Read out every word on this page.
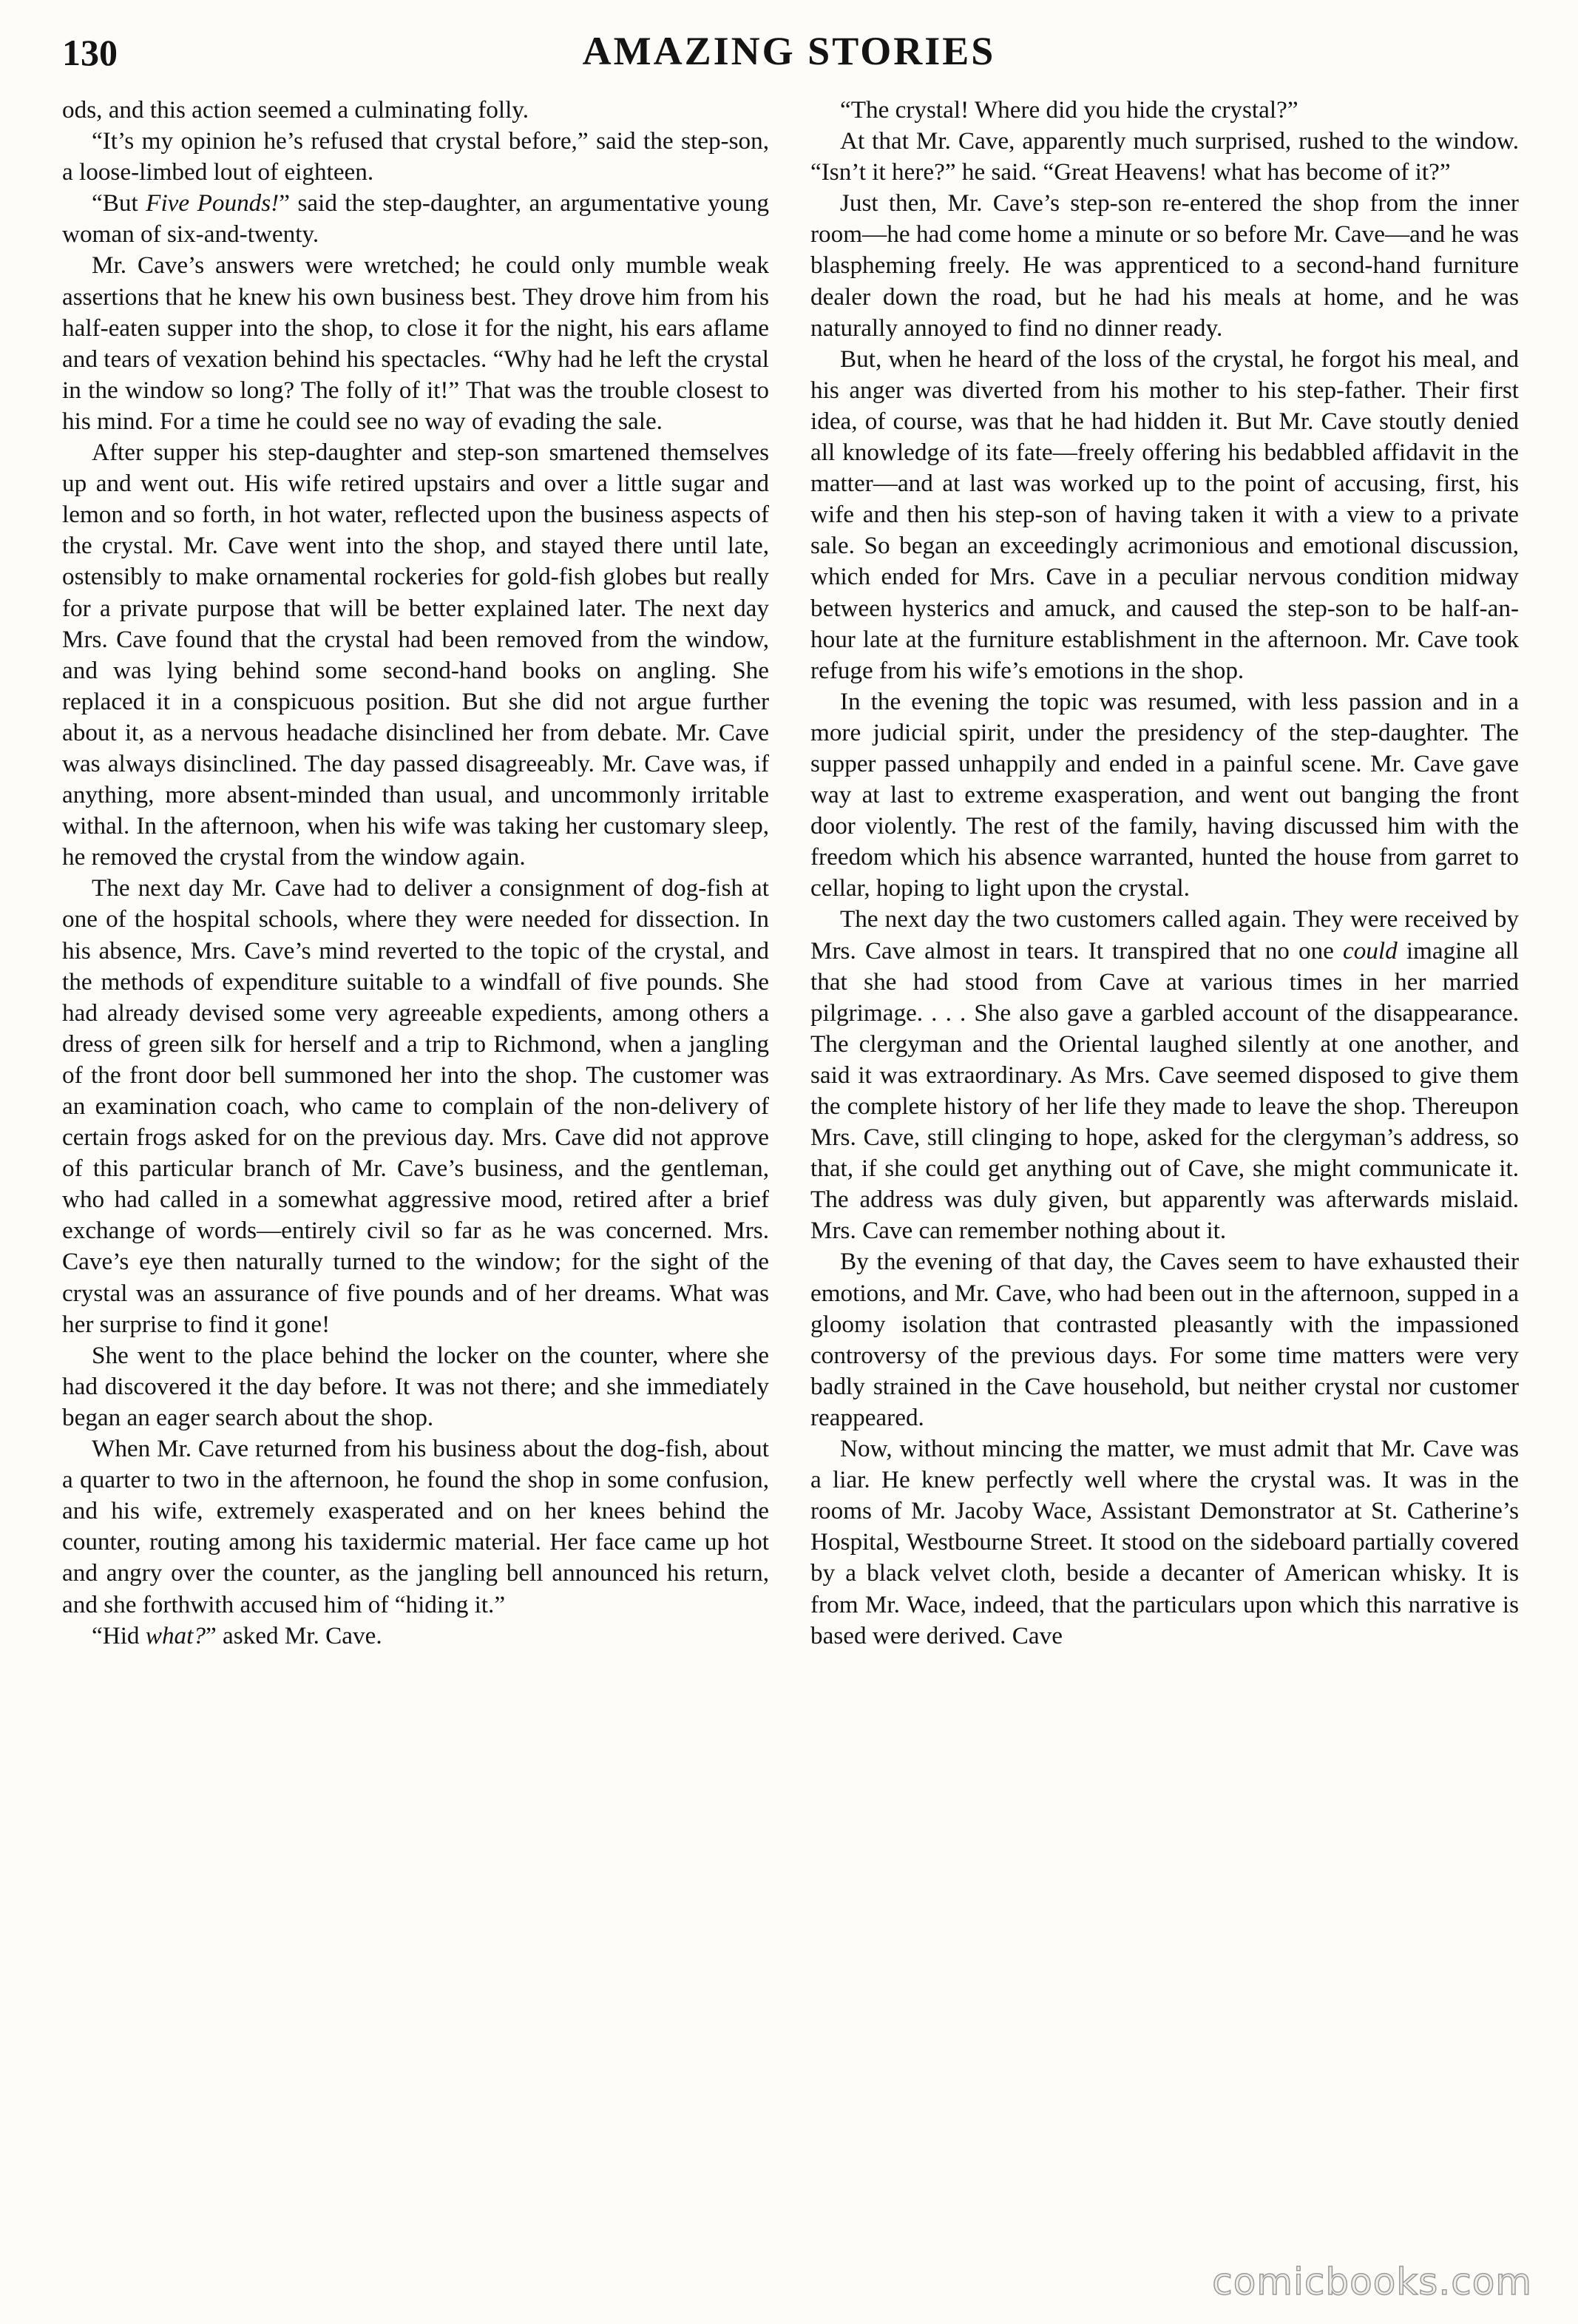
130	AMAZING STORIES

ods, and this action seemed a culminating folly.

“It’s my opinion he’s refused that crystal before,” said the step-son, a loose-limbed lout of eighteen.

“But Five Pounds!” said the step-daughter, an argumentative young woman of six-and-twenty.

Mr. Cave’s answers were wretched; he could only mumble weak assertions that he knew his own business best. They drove him from his half-eaten supper into the shop, to close it for the night, his ears aflame and tears of vexation behind his spectacles. “Why had he left the crystal in the window so long? The folly of it!” That was the trouble closest to his mind. For a time he could see no way of evading the sale.

After supper his step-daughter and step-son smartened themselves up and went out. His wife retired upstairs and over a little sugar and lemon and so forth, in hot water, reflected upon the business aspects of the crystal. Mr. Cave went into the shop, and stayed there until late, ostensibly to make ornamental rockeries for gold-fish globes but really for a private purpose that will be better explained later. The next day Mrs. Cave found that the crystal had been removed from the window, and was lying behind some second-hand books on angling. She replaced it in a conspicuous position. But she did not argue further about it, as a nervous headache disinclined her from debate. Mr. Cave was always disinclined. The day passed disagreeably. Mr. Cave was, if anything, more absent-minded than usual, and uncommonly irritable withal. In the afternoon, when his wife was taking her customary sleep, he removed the crystal from the window again.

The next day Mr. Cave had to deliver a consignment of dog-fish at one of the hospital schools, where they were needed for dissection. In his absence, Mrs. Cave’s mind reverted to the topic of the crystal, and the methods of expenditure suitable to a windfall of five pounds. She had already devised some very agreeable expedients, among others a dress of green silk for herself and a trip to Richmond, when a jangling of the front door bell summoned her into the shop. The customer was an examination coach, who came to complain of the non-delivery of certain frogs asked for on the previous day. Mrs. Cave did not approve of this particular branch of Mr. Cave’s business, and the gentleman, who had called in a somewhat aggressive mood, retired after a brief exchange of words—entirely civil so far as he was concerned. Mrs. Cave’s eye then naturally turned to the window; for the sight of the crystal was an assurance of five pounds and of her dreams. What was her surprise to find it gone!

She went to the place behind the locker on the counter, where she had discovered it the day before. It was not there; and she immediately began an eager search about the shop.

When Mr. Cave returned from his business about the dog-fish, about a quarter to two in the afternoon, he found the shop in some confusion, and his wife, extremely exasperated and on her knees behind the counter, routing among his taxidermic material. Her face came up hot and angry over the counter, as the jangling bell announced his return, and she forthwith accused him of “hiding it.”

“Hid what?” asked Mr. Cave.

“The crystal! Where did you hide the crystal?”

At that Mr. Cave, apparently much surprised, rushed to the window. “Isn’t it here?” he said. “Great Heavens! what has become of it?”

Just then, Mr. Cave’s step-son re-entered the shop from the inner room—he had come home a minute or so before Mr. Cave—and he was blaspheming freely. He was apprenticed to a second-hand furniture dealer down the road, but he had his meals at home, and he was naturally annoyed to find no dinner ready.

But, when he heard of the loss of the crystal, he forgot his meal, and his anger was diverted from his mother to his step-father. Their first idea, of course, was that he had hidden it. But Mr. Cave stoutly denied all knowledge of its fate—freely offering his bedabbled affidavit in the matter—and at last was worked up to the point of accusing, first, his wife and then his step-son of having taken it with a view to a private sale. So began an exceedingly acrimonious and emotional discussion, which ended for Mrs. Cave in a peculiar nervous condition midway between hysterics and amuck, and caused the step-son to be half-an-hour late at the furniture establishment in the afternoon. Mr. Cave took refuge from his wife’s emotions in the shop.

In the evening the topic was resumed, with less passion and in a more judicial spirit, under the presidency of the step-daughter. The supper passed unhappily and ended in a painful scene. Mr. Cave gave way at last to extreme exasperation, and went out banging the front door violently. The rest of the family, having discussed him with the freedom which his absence warranted, hunted the house from garret to cellar, hoping to light upon the crystal.

The next day the two customers called again. They were received by Mrs. Cave almost in tears. It transpired that no one could imagine all that she had stood from Cave at various times in her married pilgrimage. . . . She also gave a garbled account of the disappearance. The clergyman and the Oriental laughed silently at one another, and said it was extraordinary. As Mrs. Cave seemed disposed to give them the complete history of her life they made to leave the shop. Thereupon Mrs. Cave, still clinging to hope, asked for the clergyman’s address, so that, if she could get anything out of Cave, she might communicate it. The address was duly given, but apparently was afterwards mislaid. Mrs. Cave can remember nothing about it.

By the evening of that day, the Caves seem to have exhausted their emotions, and Mr. Cave, who had been out in the afternoon, supped in a gloomy isolation that contrasted pleasantly with the impassioned controversy of the previous days. For some time matters were very badly strained in the Cave household, but neither crystal nor customer reappeared.

Now, without mincing the matter, we must admit that Mr. Cave was a liar. He knew perfectly well where the crystal was. It was in the rooms of Mr. Jacoby Wace, Assistant Demonstrator at St. Catherine’s Hospital, Westbourne Street. It stood on the sideboard partially covered by a black velvet cloth, beside a decanter of American whisky. It is from Mr. Wace, indeed, that the particulars upon which this narrative is based were derived. Cave

comicbooks.com
